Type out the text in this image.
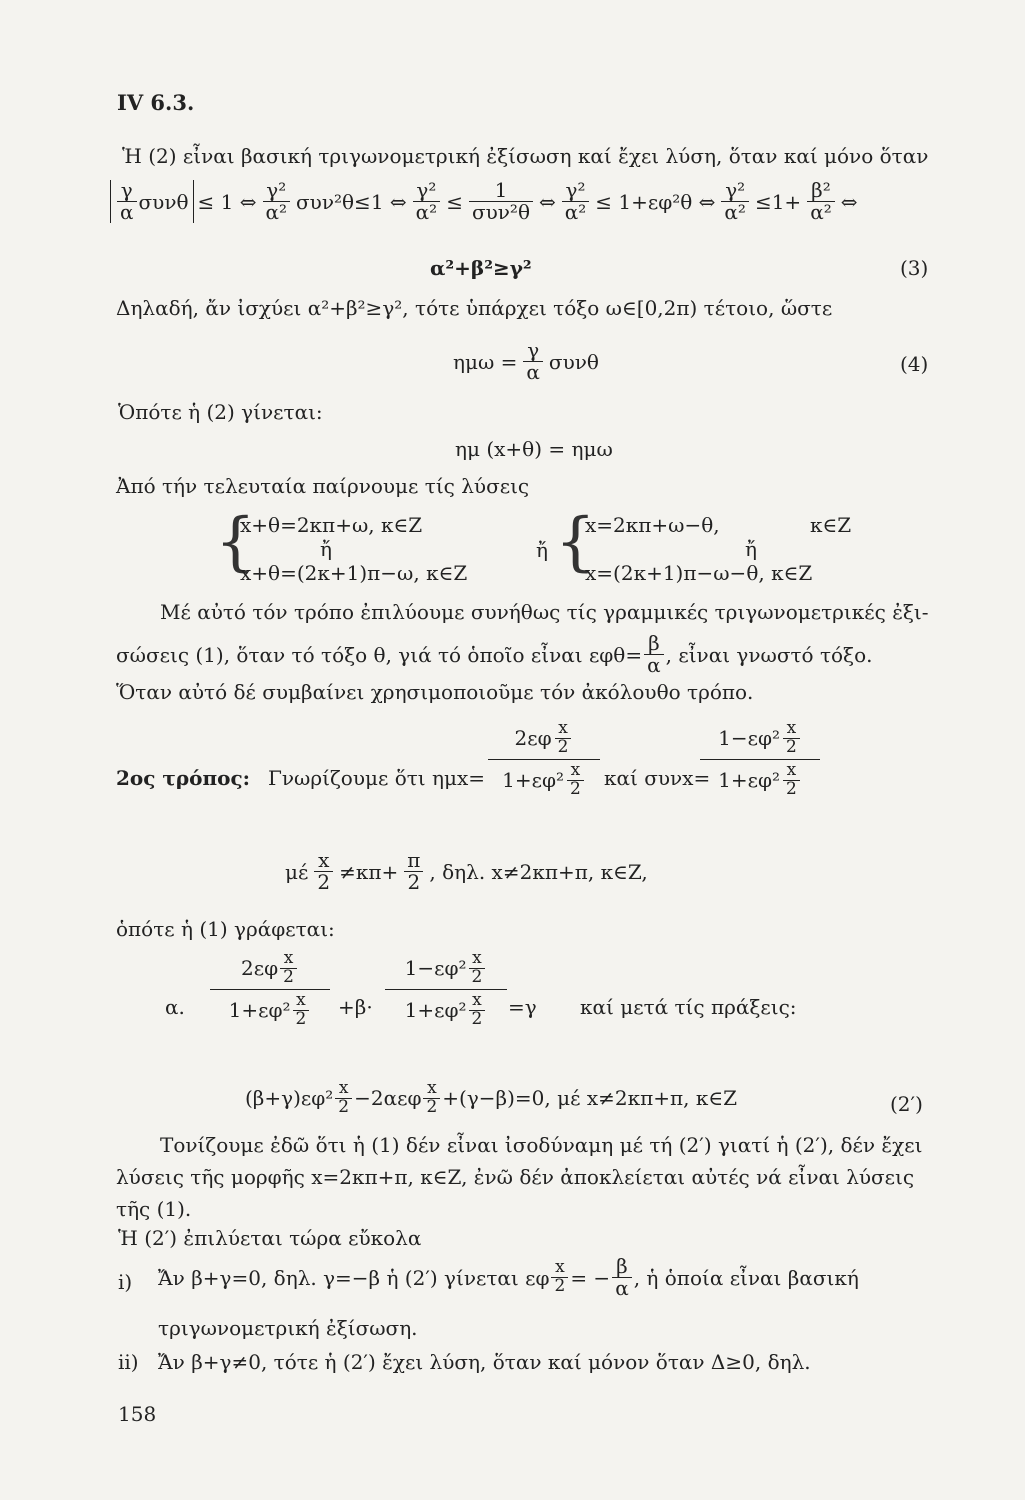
IV 6.3.
Ἡ (2) εἶναι βασική τριγωνομετρική ἐξίσωση καί ἔχει λύση, ὅταν καί μόνο ὅταν
$\frac{\gamma}{\alpha}$ συνθ ≤ 1 ⇔ $\frac{\text{γ²}}{\text{α²}} \sigma\upsilon\nu^2\theta\le 1$ ⇔ $\frac{\text{γ²}}{\text{α²}} \le \frac{1}{\text{συν²θ}}$ ⇔ $\frac{\text{γ²}}{\text{α²}} \le 1+\varepsilon\varphi^2\theta$ ⇔ $\frac{\text{γ²}}{\text{α²}} \le 1+ \frac{\text{β²}}{\text{α²}}$ ⇔
α²+β²≥γ²	(3)
Δηλαδή, ἄν ἰσχύει α²+β²≥γ², τότε ὑπάρχει τόξο ω∈[0,2π) τέτοιο, ὥστε
$\eta\mu\omega = \frac{\gamma}{\alpha}$ συνθ	(4)
Ὁπότε ἡ (2) γίνεται:
ημ (x+θ) = ημω
Ἀπό τήν τελευταία παίρνουμε τίς λύσεις
{
x+θ=2κπ+ω, κ∈Z
ἤ
x+θ=(2κ+1)π−ω, κ∈Z
ἤ {
x=2κπ+ω−θ,	κ∈Z
ἤ
x=(2κ+1)π−ω−θ, κ∈Z
Μέ αὐτό τόν τρόπο ἐπιλύουμε συνήθως τίς γραμμικές τριγωνομετρικές ἐξι-
σώσεις (1), ὅταν τό τόξο θ, γιά τό ὁποῖο εἶναι $\varepsilon\varphi\theta= \frac{\beta}{\alpha}$ , εἶναι γνωστό τόξο.
Ὅταν αὐτό δέ συμβαίνει χρησιμοποιοῦμε τόν ἀκόλουθο τρόπο.
2ος τρόπος: Γνωρίζουμε ὅτι ημx=
$2\varepsilon\varphi \frac{x}{2}$
$1+\varepsilon\varphi^2 \frac{x}{2}$ καί συνx=
$1-\varepsilon\varphi^2 \frac{x}{2}$
$1+\varepsilon\varphi^2 \frac{x}{2}$
μέ $\frac{x}{2} \ne\kappa\pi+ \frac{\pi}{2}$ , δηλ. x≠2κπ+π, κ∈Z,
ὁπότε ἡ (1) γράφεται:
α.
$2\varepsilon\varphi \frac{x}{2}$
$1+\varepsilon\varphi^2 \frac{x}{2} +\beta\cdot$
$1-\varepsilon\varphi^2 \frac{x}{2}$
$1+\varepsilon\varphi^2 \frac{x}{2} =\gamma$ καί μετά τίς πράξεις:
$(\beta+\gamma)\varepsilon\varphi^2 \frac{x}{2} -2\alpha\varepsilon\varphi \frac{x}{2} +(\gamma-\beta)=0$, μέ x≠2κπ+π, κ∈Z	(2′)
Τονίζουμε ἐδῶ ὅτι ἡ (1) δέν εἶναι ἰσοδύναμη μέ τή (2′) γιατί ἡ (2′), δέν ἔχει
λύσεις τῆς μορφῆς x=2κπ+π, κ∈Z, ἐνῶ δέν ἀποκλείεται αὐτές νά εἶναι λύσεις
τῆς (1).
Ἡ (2′) ἐπιλύεται τώρα εὔκολα
i) Ἄν β+γ=0, δηλ. γ=−β ἡ (2′) γίνεται εφ $\frac{x}{2}$ = − $\frac{\beta}{\alpha}$ , ἡ ὁποία εἶναι βασική
τριγωνομετρική ἐξίσωση.
ii) Ἄν β+γ≠0, τότε ἡ (2′) ἔχει λύση, ὅταν καί μόνον ὅταν Δ≥0, δηλ.
158
